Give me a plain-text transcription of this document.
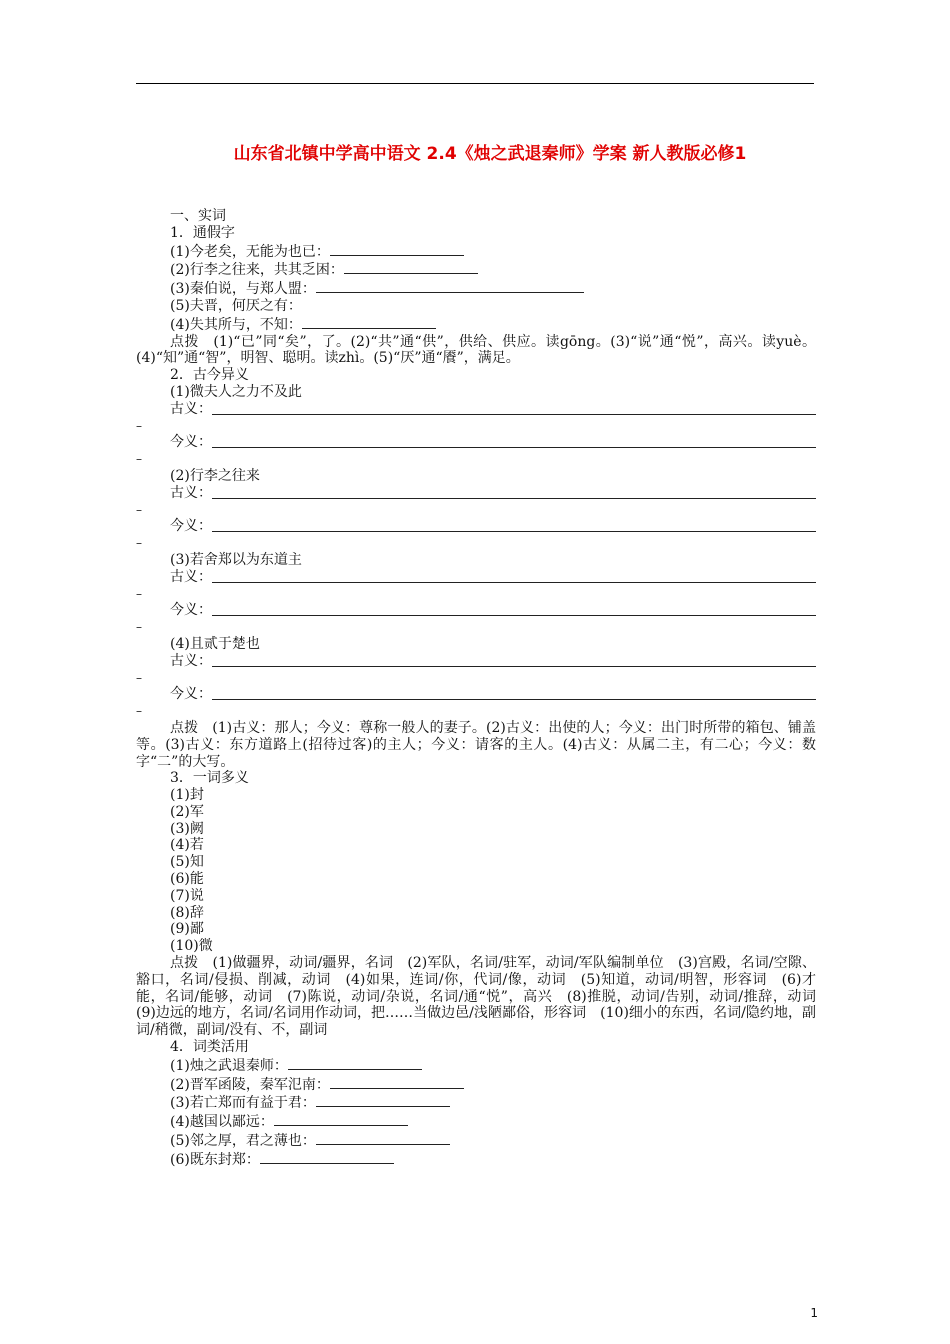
山东省北镇中学高中语文 2.4《烛之武退秦师》学案 新人教版必修1
一、实词
1．通假字
(1)今老矣，无能为也已：
(2)行李之往来，共其乏困：
(3)秦伯说，与郑人盟：
(5)夫晋，何厌之有：
(4)失其所与，不知：
点拨　(1)“已”同“矣”，了。(2)“共”通“供”，供给、供应。读gōng。(3)“说”通“悦”，高兴。读yuè。(4)“知”通“智”，明智、聪明。读zhì。(5)“厌”通“餍”，满足。
2．古今异义
(1)微夫人之力不及此
古义：
–
今义：
–
(2)行李之往来
古义：
–
今义：
–
(3)若舍郑以为东道主
古义：
–
今义：
–
(4)且贰于楚也
古义：
–
今义：
–
点拨　(1)古义：那人；今义：尊称一般人的妻子。(2)古义：出使的人；今义：出门时所带的箱包、铺盖等。(3)古义：东方道路上(招待过客)的主人；今义：请客的主人。(4)古义：从属二主，有二心；今义：数字“二”的大写。
3．一词多义
(1)封
(2)军
(3)阙
(4)若
(5)知
(6)能
(7)说
(8)辞
(9)鄙
(10)微
点拨　(1)做疆界，动词/疆界，名词　(2)军队，名词/驻军，动词/军队编制单位　(3)宫殿，名词/空隙、豁口，名词/侵损、削减，动词　(4)如果，连词/你，代词/像，动词　(5)知道，动词/明智，形容词　(6)才能，名词/能够，动词　(7)陈说，动词/杂说，名词/通“悦”，高兴　(8)推脱，动词/告别，动词/推辞，动词　(9)边远的地方，名词/名词用作动词，把……当做边邑/浅陋鄙俗，形容词　(10)细小的东西，名词/隐约地，副词/稍微，副词/没有、不，副词
4．词类活用
(1)烛之武退秦师：
(2)晋军函陵，秦军氾南：
(3)若亡郑而有益于君：
(4)越国以鄙远：
(5)邻之厚，君之薄也：
(6)既东封郑：
1
